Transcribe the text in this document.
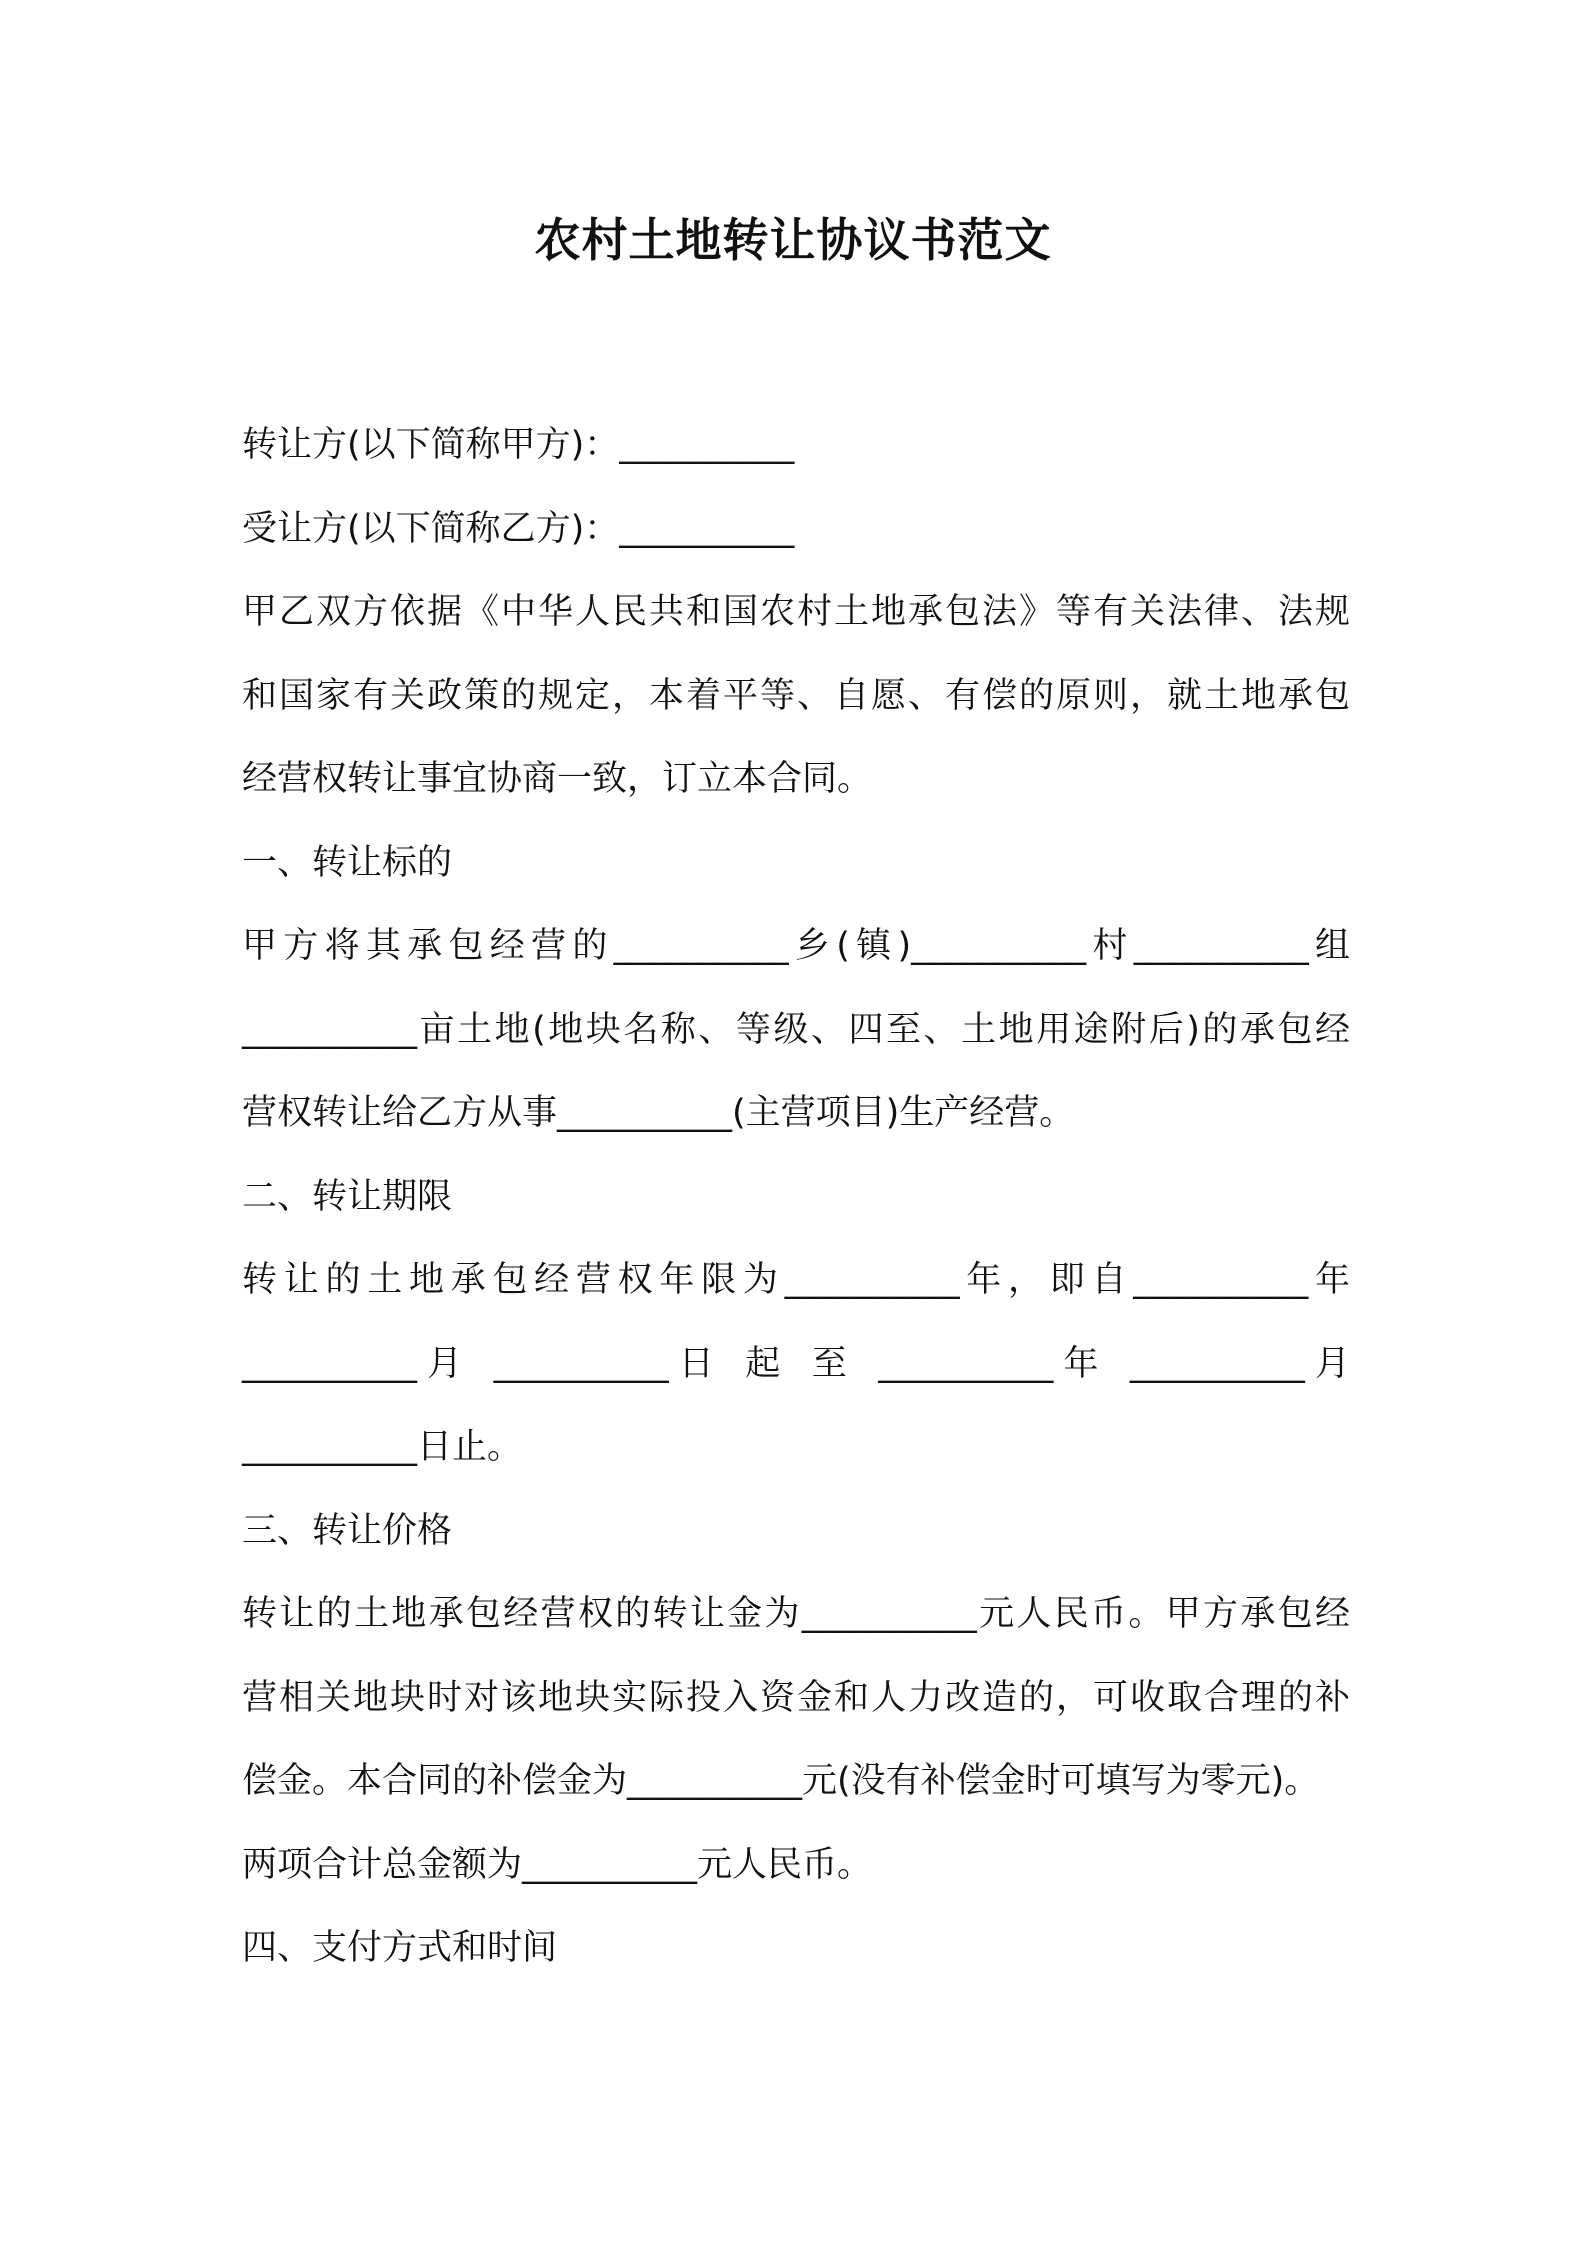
农村土地转让协议书范文

转让方(以下简称甲方)：__________

受让方(以下简称乙方)：__________

甲乙双方依据《中华人民共和国农村土地承包法》等有关法律、法规

和国家有关政策的规定，本着平等、自愿、有偿的原则，就土地承包

经营权转让事宜协商一致，订立本合同。

一、转让标的

甲方将其承包经营的__________乡(镇)__________村__________组

__________亩土地(地块名称、等级、四至、土地用途附后)的承包经

营权转让给乙方从事__________(主营项目)生产经营。

二、转让期限

转让的土地承包经营权年限为__________年，即自__________年

__________月 __________日 起 至 __________年 __________月

__________日止。

三、转让价格

转让的土地承包经营权的转让金为__________元人民币。甲方承包经

营相关地块时对该地块实际投入资金和人力改造的，可收取合理的补

偿金。本合同的补偿金为__________元(没有补偿金时可填写为零元)。

两项合计总金额为__________元人民币。

四、支付方式和时间
